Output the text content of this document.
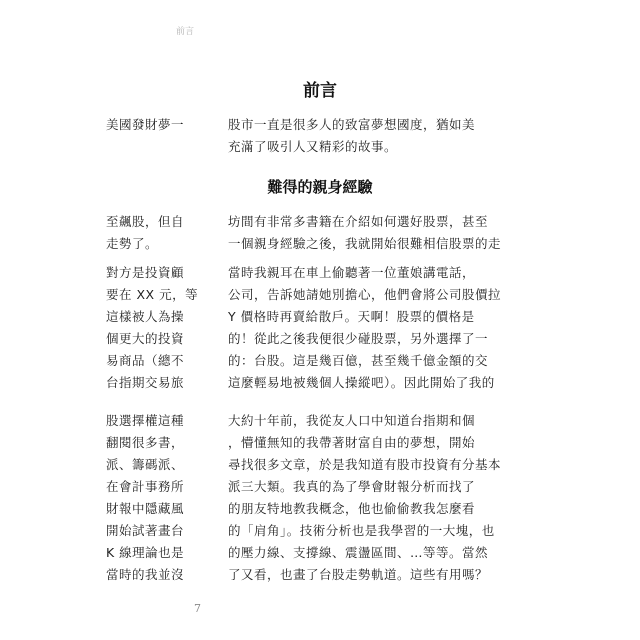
前言
前言
美國發財夢一	股市一直是很多人的致富夢想國度，猶如美
充滿了吸引人又精彩的故事。
難得的親身經驗
至飆股，但自
走勢了。
坊間有非常多書籍在介紹如何選好股票，甚至
一個親身經驗之後，我就開始很難相信股票的走
對方是投資顧
要在 XX 元，等
這樣被人為操
個更大的投資
易商品（總不
台指期交易旅
當時我親耳在車上偷聽著一位董娘講電話，
公司，告訴她請她別擔心，他們會將公司股價拉
Y 價格時再賣給散戶。天啊！股票的價格是
的！從此之後我便很少碰股票，另外選擇了一
的：台股。這是幾百億，甚至幾千億金額的交
這麼輕易地被幾個人操縱吧）。因此開始了我的
股選擇權這種
翻閱很多書，
派、籌碼派、
在會計事務所
財報中隱藏風
開始試著畫台
K 線理論也是
當時的我並沒
大約十年前，我從友人口中知道台指期和個
，懵懂無知的我帶著財富自由的夢想，開始
尋找很多文章，於是我知道有股市投資有分基本
派三大類。我真的為了學會財報分析而找了
的朋友特地教我概念，他也偷偷教我怎麼看
的「肩角」。技術分析也是我學習的一大塊，也
的壓力線、支撐線、震盪區間、…等等。當然
了又看，也畫了台股走勢軌道。這些有用嗎？
7
